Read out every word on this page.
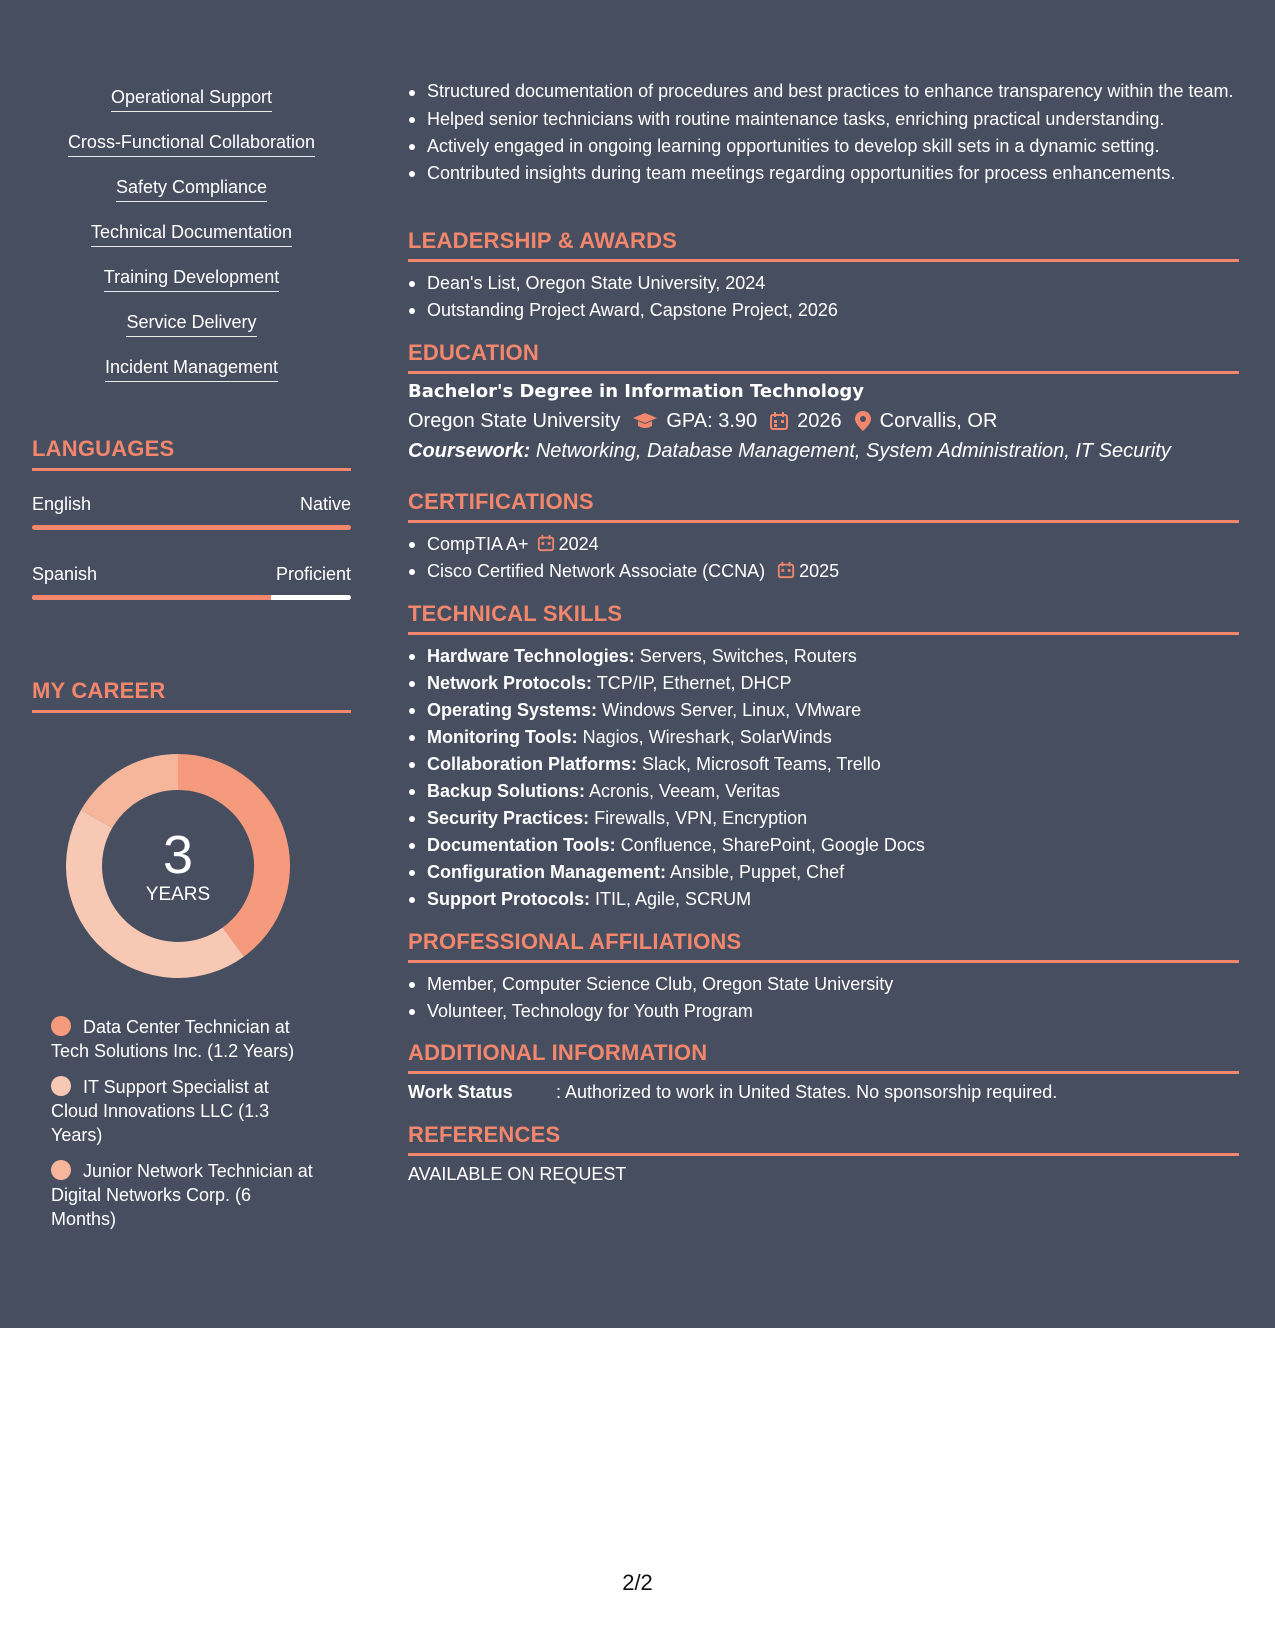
Operational Support
Cross-Functional Collaboration
Safety Compliance
Technical Documentation
Training Development
Service Delivery
Incident Management
LANGUAGES
English	Native
Spanish	Proficient
MY CAREER
3
YEARS
Data Center Technician at Tech Solutions Inc. (1.2 Years)
IT Support Specialist at Cloud Innovations LLC (1.3 Years)
Junior Network Technician at Digital Networks Corp. (6 Months)
Structured documentation of procedures and best practices to enhance transparency within the team.
Helped senior technicians with routine maintenance tasks, enriching practical understanding.
Actively engaged in ongoing learning opportunities to develop skill sets in a dynamic setting.
Contributed insights during team meetings regarding opportunities for process enhancements.
LEADERSHIP & AWARDS
Dean's List, Oregon State University, 2024
Outstanding Project Award, Capstone Project, 2026
EDUCATION
Bachelor's Degree in Information Technology
Oregon State University GPA: 3.90 2026 Corvallis, OR
Coursework: Networking, Database Management, System Administration, IT Security
CERTIFICATIONS
CompTIA A+ 2024
Cisco Certified Network Associate (CCNA) 2025
TECHNICAL SKILLS
Hardware Technologies: Servers, Switches, Routers
Network Protocols: TCP/IP, Ethernet, DHCP
Operating Systems: Windows Server, Linux, VMware
Monitoring Tools: Nagios, Wireshark, SolarWinds
Collaboration Platforms: Slack, Microsoft Teams, Trello
Backup Solutions: Acronis, Veeam, Veritas
Security Practices: Firewalls, VPN, Encryption
Documentation Tools: Confluence, SharePoint, Google Docs
Configuration Management: Ansible, Puppet, Chef
Support Protocols: ITIL, Agile, SCRUM
PROFESSIONAL AFFILIATIONS
Member, Computer Science Club, Oregon State University
Volunteer, Technology for Youth Program
ADDITIONAL INFORMATION
Work Status	: Authorized to work in United States. No sponsorship required.
REFERENCES
AVAILABLE ON REQUEST
2/2
